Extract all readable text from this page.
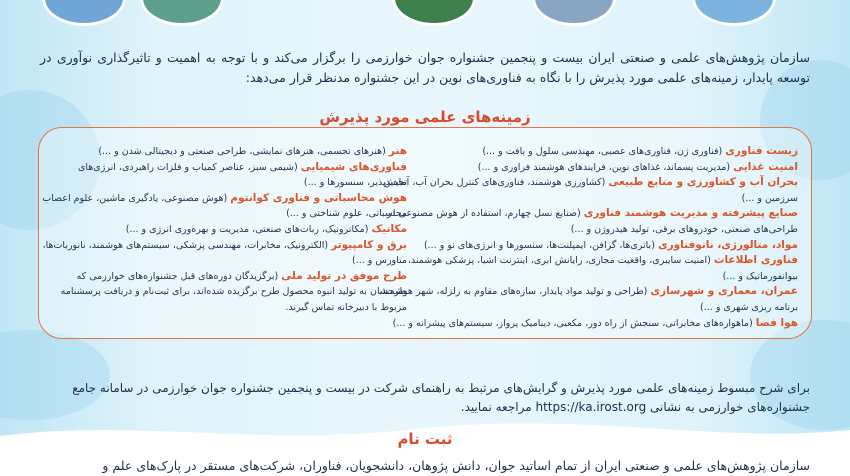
سازمان پژوهش‌های علمی و صنعتی ایران بیست و پنجمین جشنواره جوان خوارزمی را برگزار می‌کند و با توجه به اهمیت و تاثیرگذاری نوآوری در توسعه پایدار، زمینه‌های علمی مورد پذیرش را با نگاه به فناوری‌های نوین در این جشنواره مدنظر قرار می‌دهد:

زمینه‌های علمی مورد پذیرش

زیست فناوری (فناوری ژن، فناوری‌های عصبی، مهندسی سلول و بافت و ...)

امنیت غذایی (مدیریت پسماند، غذاهای نوین، فرایندهای هوشمند فراوری و ...)

بحران آب و کشاورزی و منابع طبیعی (کشاورزی هوشمند، فناوری‌های کنترل بحران آب، آمایش سرزمین و ...)

صنایع پیشرفته و مدیریت هوشمند فناوری (صنایع نسل چهارم، استفاده از هوش مصنوعی در طراحی‌های صنعتی، خودروهای برقی، تولید هیدروژن و ...)

مواد، متالورژی، نانوفناوری (باتری‌ها، گرافن، ایمپلنت‌ها، سنسورها و انرژی‌های نو و ...)

فناوری اطلاعات (امنیت سایبری، واقعیت مجازی، رایانش ابری، اینترنت اشیا، پزشکی هوشمند، بیوانفورماتیک و ...)

عمران، معماری و شهرسازی (طراحی و تولید مواد پایدار، سازه‌های مقاوم به زلزله، شهر هوشمند، برنامه ریزی شهری و ...)

هوا فضا (ماهواره‌های مخابراتی، سنجش از راه دور، مکعبی، دینامیک پرواز، سیستم‌های پیشرانه و ...)

هنر (هنرهای تجسمی، هنرهای نمایشی، طراحی صنعتی و دیجیتالی شدن و ...)

فناوری‌های شیمیایی (شیمی سبز، عناصر کمیاب و فلزات راهبردی، انرژی‌های تجدیدپذیر، سنسورها و ...)

هوش محاسباتی و فناوری کوانتوم (هوش مصنوعی، یادگیری ماشین، علوم اعصاب محاسباتی، علوم شناختی و ...)

مکانیک (مکاترونیک، ربات‌های صنعتی، مدیریت و بهره‌وری انرژی و ...)

برق و کامپیوتر (الکترونیک، مخابرات، مهندسی پزشکی، سیستم‌های هوشمند، نانوربات‌ها، متاورس و ...)

طرح موفق در تولید ملی (برگزیدگان دوره‌های قبل جشنواره‌های خوارزمی که طرحشان به تولید انبوه محصول طرح برگزیده شده‌اند، برای ثبت‌نام و دریافت پرسشنامه مربوط با دبیرخانه تماس گیرند.

برای شرح مبسوط زمینه‌های علمی مورد پذیرش و گرایش‌های مرتبط به راهنمای شرکت در بیست و پنجمین جشنواره جوان خوارزمی در سامانه جامع جشنواره‌های خوارزمی به نشانی https://ka.irost.org مراجعه نمایید.

ثبت نام
سازمان پژوهش‌های علمی و صنعتی ایران از تمام اساتید جوان، دانش پژوهان، دانشجویان، فناوران، شرکت‌های مستقر در پارک‌های علم و
